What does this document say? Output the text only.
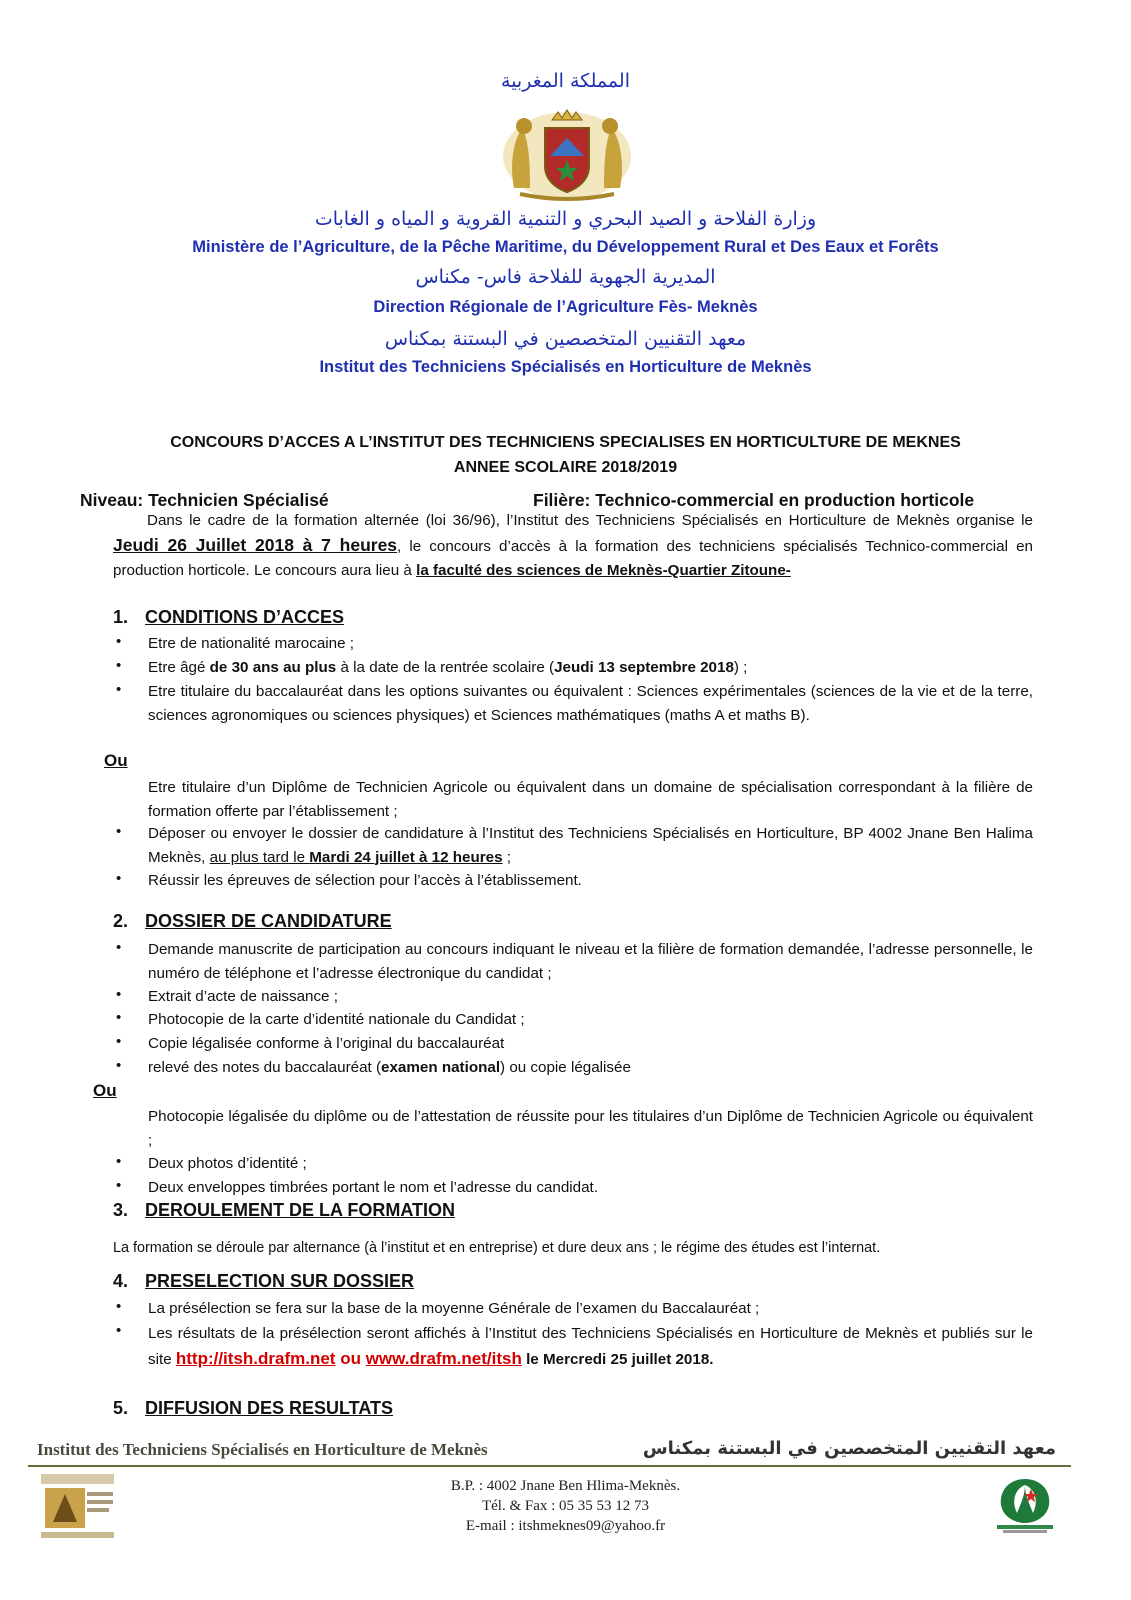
المملكة المغربية
وزارة الفلاحة و الصيد البحري و التنمية القروية و المياه و الغابات
Ministère de l’Agriculture, de la Pêche Maritime, du Développement Rural et Des Eaux et Forêts
المديرية الجهوية للفلاحة فاس- مكناس
Direction Régionale de l’Agriculture Fès- Meknès
معهد التقنيين المتخصصين في البستنة بمكناس
Institut des Techniciens Spécialisés en Horticulture de Meknès
CONCOURS D’ACCES A L’INSTITUT DES TECHNICIENS SPECIALISES EN HORTICULTURE DE MEKNES
ANNEE SCOLAIRE 2018/2019
Niveau: Technicien Spécialisé	Filière: Technico-commercial en production horticole
Dans le cadre de la formation alternée (loi 36/96), l’Institut des Techniciens Spécialisés en Horticulture de Meknès organise le Jeudi 26 Juillet 2018 à 7 heures, le concours d’accès à la formation des techniciens spécialisés Technico-commercial en production horticole. Le concours aura lieu à la faculté des sciences de Meknès-Quartier Zitoune-
1. CONDITIONS D’ACCES
• Etre de nationalité marocaine ;
• Etre âgé de 30 ans au plus à la date de la rentrée scolaire (Jeudi 13 septembre 2018) ;
• Etre titulaire du baccalauréat dans les options suivantes ou équivalent : Sciences expérimentales (sciences de la vie et de la terre, sciences agronomiques ou sciences physiques) et Sciences mathématiques (maths A et maths B).
Ou
Etre titulaire d’un Diplôme de Technicien Agricole ou équivalent dans un domaine de spécialisation correspondant à la filière de formation offerte par l’établissement ;
• Déposer ou envoyer le dossier de candidature à l’Institut des Techniciens Spécialisés en Horticulture, BP 4002 Jnane Ben Halima Meknès, au plus tard le Mardi 24 juillet à 12 heures ;
• Réussir les épreuves de sélection pour l’accès à l’établissement.
2. DOSSIER DE CANDIDATURE
• Demande manuscrite de participation au concours indiquant le niveau et la filière de formation demandée, l’adresse personnelle, le numéro de téléphone et l’adresse électronique du candidat ;
• Extrait d’acte de naissance ;
• Photocopie de la carte d’identité nationale du Candidat ;
• Copie légalisée conforme à l’original du baccalauréat
• relevé des notes du baccalauréat (examen national) ou copie légalisée
Ou
Photocopie légalisée du diplôme ou de l’attestation de réussite pour les titulaires d’un Diplôme de Technicien Agricole ou équivalent ;
• Deux photos d’identité ;
• Deux enveloppes timbrées portant le nom et l’adresse du candidat.
3. DEROULEMENT DE LA FORMATION
La formation se déroule par alternance (à l’institut et en entreprise) et dure deux ans ; le régime des études est l’internat.
4. PRESELECTION SUR DOSSIER
• La présélection se fera sur la base de la moyenne Générale de l’examen du Baccalauréat ;
• Les résultats de la présélection seront affichés à l’Institut des Techniciens Spécialisés en Horticulture de Meknès et publiés sur le site http://itsh.drafm.net ou www.drafm.net/itsh le Mercredi 25 juillet 2018.
5. DIFFUSION DES RESULTATS
Institut des Techniciens Spécialisés en Horticulture de Meknès	معهد التقنيين المتخصصين في البستنة بمكناس
B.P. : 4002 Jnane Ben Hlima-Meknès.
Tél. & Fax : 05 35 53 12 73
E-mail : itshmeknes09@yahoo.fr
